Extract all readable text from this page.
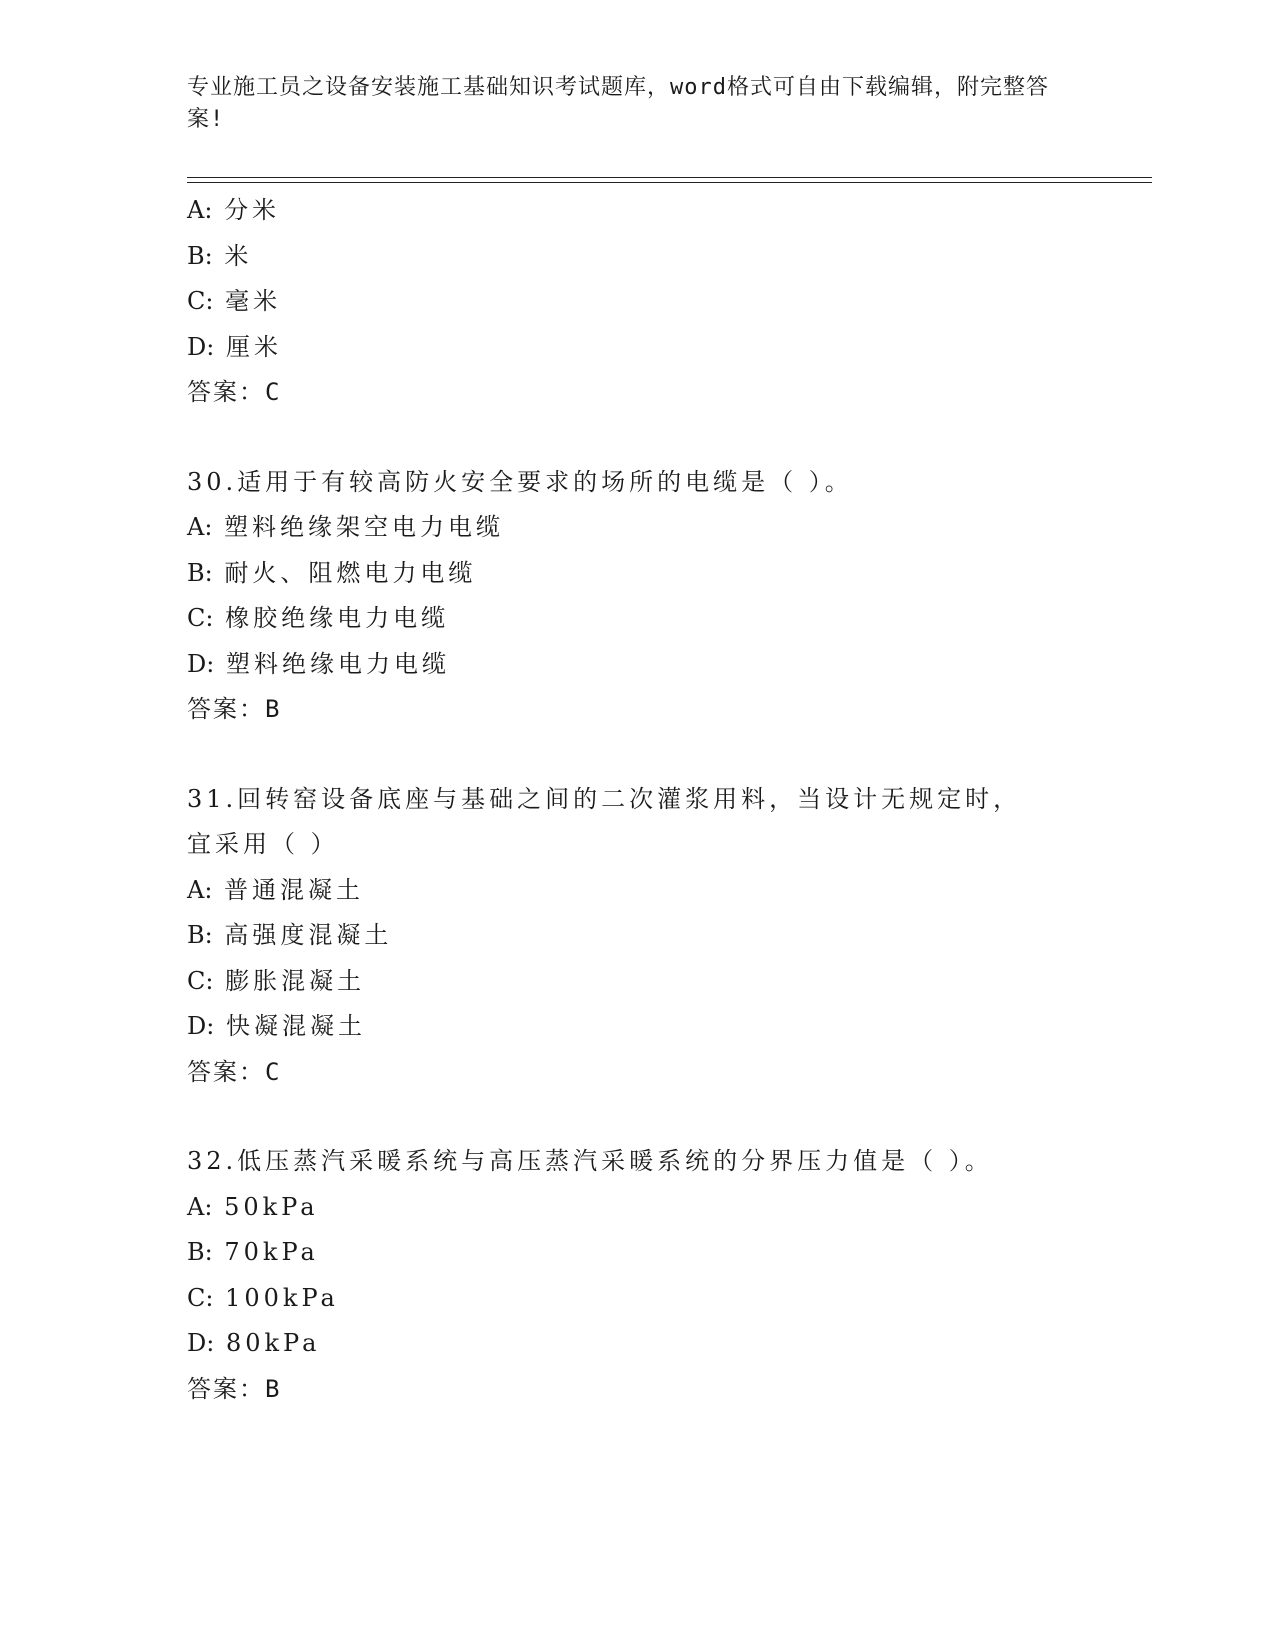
专业施工员之设备安装施工基础知识考试题库，word格式可自由下载编辑，附完整答案!
A: 分米
B: 米
C: 毫米
D: 厘米
答案：C
30.适用于有较高防火安全要求的场所的电缆是（ ）。
A: 塑料绝缘架空电力电缆
B: 耐火、阻燃电力电缆
C: 橡胶绝缘电力电缆
D: 塑料绝缘电力电缆
答案：B
31.回转窑设备底座与基础之间的二次灌浆用料，当设计无规定时，宜采用（ ）
A: 普通混凝土
B: 高强度混凝土
C: 膨胀混凝土
D: 快凝混凝土
答案：C
32.低压蒸汽采暖系统与高压蒸汽采暖系统的分界压力值是（ ）。
A: 50kPa
B: 70kPa
C: 100kPa
D: 80kPa
答案：B
